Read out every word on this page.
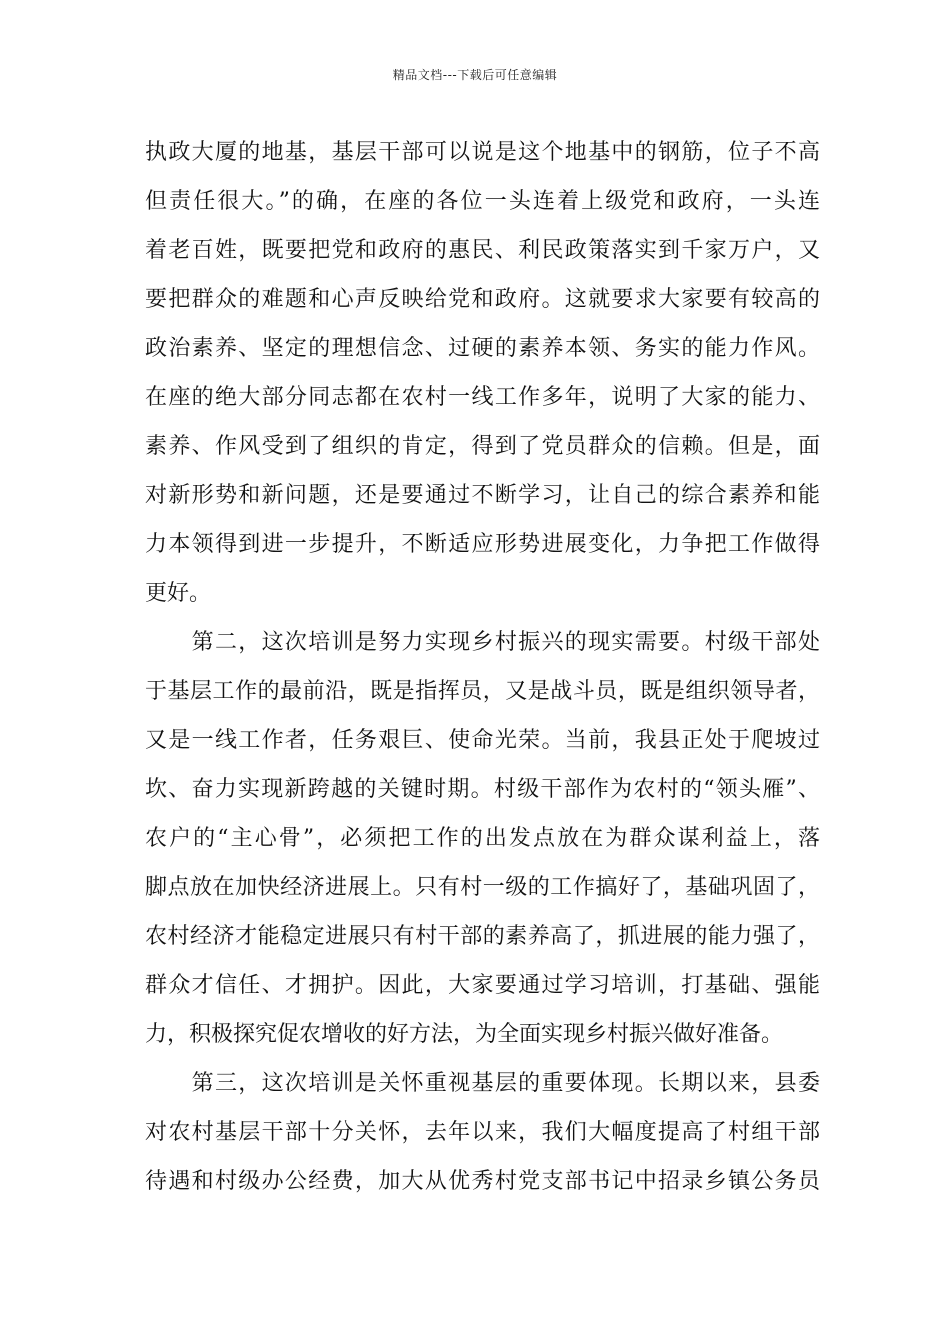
精品文档---下载后可任意编辑
执政大厦的地基，基层干部可以说是这个地基中的钢筋，位子不高
但责任很大。”的确，在座的各位一头连着上级党和政府，一头连
着老百姓，既要把党和政府的惠民、利民政策落实到千家万户，又
要把群众的难题和心声反映给党和政府。这就要求大家要有较高的
政治素养、坚定的理想信念、过硬的素养本领、务实的能力作风。
在座的绝大部分同志都在农村一线工作多年，说明了大家的能力、
素养、作风受到了组织的肯定，得到了党员群众的信赖。但是，面
对新形势和新问题，还是要通过不断学习，让自己的综合素养和能
力本领得到进一步提升，不断适应形势进展变化，力争把工作做得
更好。
　　第二，这次培训是努力实现乡村振兴的现实需要。村级干部处
于基层工作的最前沿，既是指挥员，又是战斗员，既是组织领导者，
又是一线工作者，任务艰巨、使命光荣。当前，我县正处于爬坡过
坎、奋力实现新跨越的关键时期。村级干部作为农村的“领头雁”、
农户的“主心骨”，必须把工作的出发点放在为群众谋利益上，落
脚点放在加快经济进展上。只有村一级的工作搞好了，基础巩固了，
农村经济才能稳定进展只有村干部的素养高了，抓进展的能力强了，
群众才信任、才拥护。因此，大家要通过学习培训，打基础、强能
力，积极探究促农增收的好方法，为全面实现乡村振兴做好准备。
　　第三，这次培训是关怀重视基层的重要体现。长期以来，县委
对农村基层干部十分关怀，去年以来，我们大幅度提高了村组干部
待遇和村级办公经费，加大从优秀村党支部书记中招录乡镇公务员
